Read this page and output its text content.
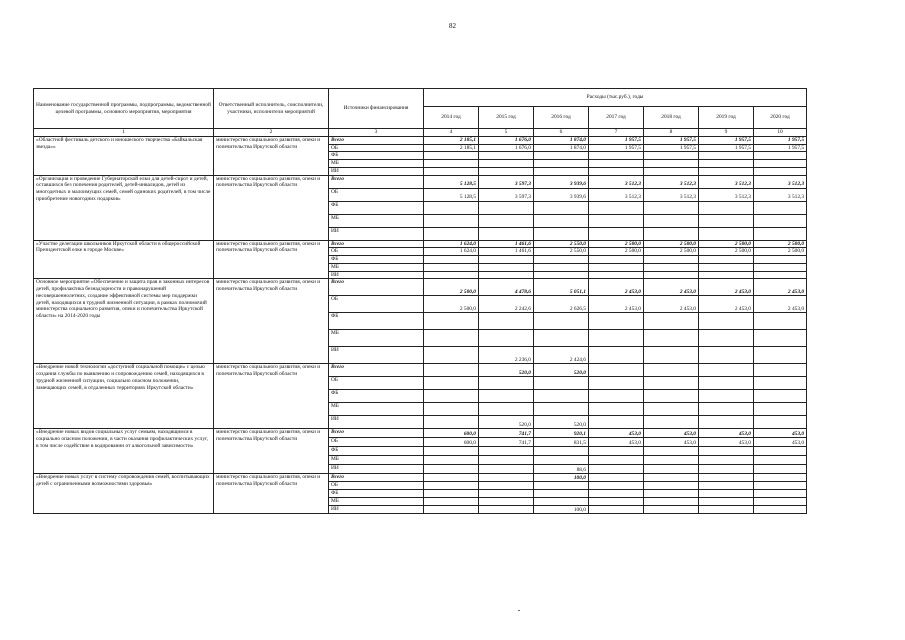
82
Наименование государственной программы, подпрограммы, ведомственной целевой программы, основного мероприятия, мероприятия	Ответственный исполнитель, соисполнители, участники, исполнители мероприятий	Источники финансирования	Расходы (тыс.руб.), годы						
			2014 год	2015 год	2016 год	2017 год	2018 год	2019 год	2020 год
1	2	3	4	5	6	7	8	9	10
«Областной фестиваль детского и юношеского творчества «Байкальская звезда»»	министерство социального развития, опеки и попечительства Иркутской области	Всего	2 185,1	1 676,0	1 874,0	1 957,5	1 957,5	1 957,5	1 957,5
		ОБ	2 185,1	1 676,0	1 874,0	1 957,5	1 957,5	1 957,5	1 957,5
		ФБ							
		МБ							
		ИИ							
«Организация и проведение Губернаторской елки для детей-сирот и детей, оставшихся без попечения родителей, детей-инвалидов, детей из многодетных и малоимущих семей, семей одиноких родителей, в том числе приобретение новогодних подарков»	министерство социального развития, опеки и попечительства Иркутской области	Всего	5 128,5	3 597,3	3 939,6	3 512,3	3 512,3	3 512,3	3 512,3
		ОБ	5 128,5	3 597,3	3 939,6	3 512,3	3 512,3	3 512,3	3 512,3
		ФБ							
		МБ							
		ИИ							
«Участие делегации школьников Иркутской области в общероссийской Президентской елке в городе Москве»	министерство социального развития, опеки и попечительства Иркутской области	Всего	1 624,0	1 461,6	2 550,0	2 500,0	2 500,0	2 500,0	2 500,0
		ОБ	1 624,0	1 461,6	2 550,0	2 500,0	2 500,0	2 500,0	2 500,0
		ФБ							
		МБ							
		ИИ							
Основное мероприятие «Обеспечение и защита прав и законных интересов детей, профилактика безнадзорности и правонарушений несовершеннолетних, создание эффективной системы мер поддержки детей, находящихся в трудной жизненной ситуации, в рамках полномочий министерства социального развития, опеки и попечительства Иркутской области» на 2014-2020 годы	министерство социального развития, опеки и попечительства Иркутской области	Всего	2 500,0	4 478,6	5 051,1	2 453,0	2 453,0	2 453,0	2 453,0
		ОБ	2 500,0	2 242,6	2 626,5	2 453,0	2 453,0	2 453,0	2 453,0
		ФБ							
		МБ							
		ИИ		2 236,0	2 424,6				
«Внедрение новой технологии «доступной социальной помощи» с целью создания службы по выявлению и сопровождению семей, находящихся в трудной жизненной ситуации, социально опасном положении, замещающих семей, в отдаленных территориях Иркутской области»	министерство социального развития, опеки и попечительства Иркутской области	Всего		520,0	520,0				
		ОБ							
		ФБ							
		МБ							
		ИИ		520,0	520,0				
«Внедрение новых видов социальных услуг семьям, находящимся в социально опасном положении, в части оказания профилактических услуг, в том числе содействие в кодировании от алкогольной зависимости»	министерство социального развития, опеки и попечительства Иркутской области	Всего	600,0	741,7	920,1	453,0	453,0	453,0	453,0
		ОБ	600,0	741,7	831,5	453,0	453,0	453,0	453,0
		ФБ							
		МБ							
		ИИ			88,6				
«Внедрение новых услуг в систему сопровождения семей, воспитывающих детей с ограниченными возможностями здоровья»	министерство социального развития, опеки и попечительства Иркутской области	Всего			100,0				
		ОБ							
		ФБ							
		МБ							
		ИИ			100,0				
